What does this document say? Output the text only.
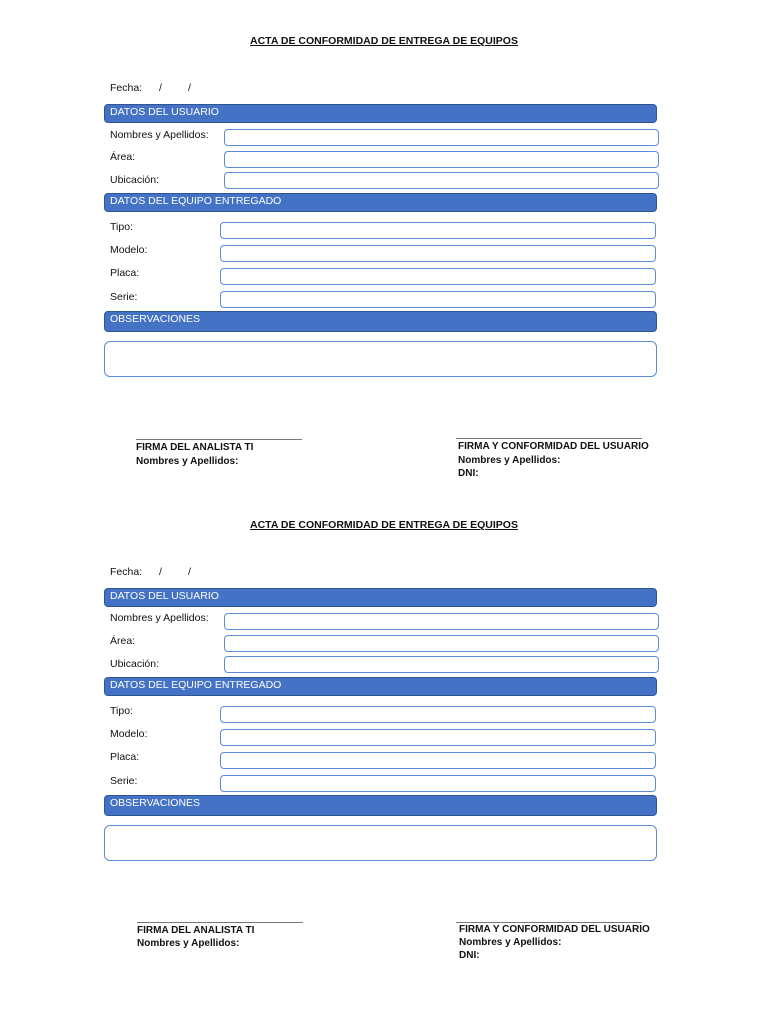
ACTA DE CONFORMIDAD DE ENTREGA DE EQUIPOS
Fecha: / /
DATOS DEL USUARIO
Nombres y Apellidos:
Área:
Ubicación:
DATOS DEL EQUIPO ENTREGADO
Tipo:
Modelo:
Placa:
Serie:
OBSERVACIONES
FIRMA DEL ANALISTA TI
Nombres y Apellidos:
FIRMA Y CONFORMIDAD DEL USUARIO
Nombres y Apellidos:
DNI:
ACTA DE CONFORMIDAD DE ENTREGA DE EQUIPOS
Fecha: / /
DATOS DEL USUARIO
Nombres y Apellidos:
Área:
Ubicación:
DATOS DEL EQUIPO ENTREGADO
Tipo:
Modelo:
Placa:
Serie:
OBSERVACIONES
FIRMA DEL ANALISTA TI
Nombres y Apellidos:
FIRMA Y CONFORMIDAD DEL USUARIO
Nombres y Apellidos:
DNI:
